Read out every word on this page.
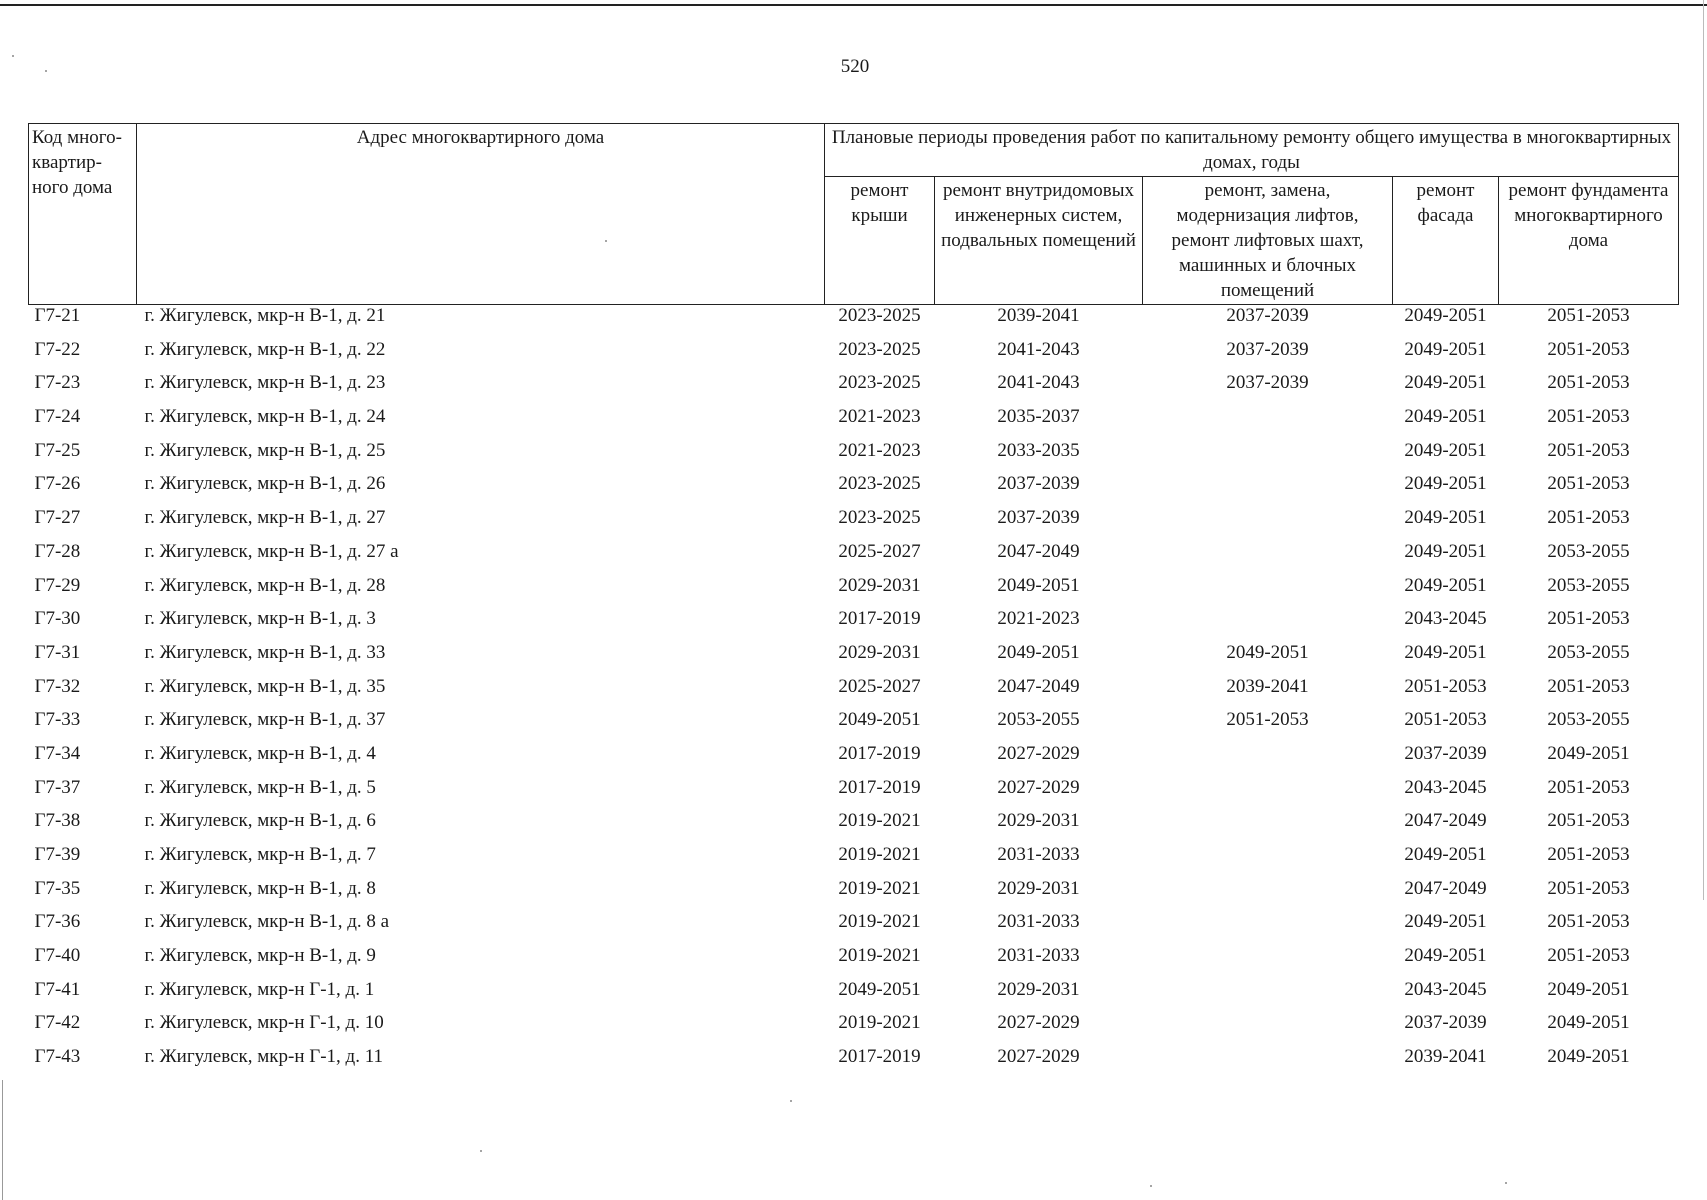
520
Код много-квартир-ного дома	Адрес многоквартирного дома	Плановые периоды проведения работ по капитальному ремонту общего имущества в многоквартирных домах, годы				
		ремонт крыши	ремонт внутридомовых инженерных систем, подвальных помещений	ремонт, замена, модернизация лифтов, ремонт лифтовых шахт, машинных и блочных помещений	ремонт фасада	ремонт фундамента многоквартирного дома
Г7-21	г. Жигулевск, мкр-н В-1, д. 21	2023-2025	2039-2041	2037-2039	2049-2051	2051-2053
Г7-22	г. Жигулевск, мкр-н В-1, д. 22	2023-2025	2041-2043	2037-2039	2049-2051	2051-2053
Г7-23	г. Жигулевск, мкр-н В-1, д. 23	2023-2025	2041-2043	2037-2039	2049-2051	2051-2053
Г7-24	г. Жигулевск, мкр-н В-1, д. 24	2021-2023	2035-2037		2049-2051	2051-2053
Г7-25	г. Жигулевск, мкр-н В-1, д. 25	2021-2023	2033-2035		2049-2051	2051-2053
Г7-26	г. Жигулевск, мкр-н В-1, д. 26	2023-2025	2037-2039		2049-2051	2051-2053
Г7-27	г. Жигулевск, мкр-н В-1, д. 27	2023-2025	2037-2039		2049-2051	2051-2053
Г7-28	г. Жигулевск, мкр-н В-1, д. 27 а	2025-2027	2047-2049		2049-2051	2053-2055
Г7-29	г. Жигулевск, мкр-н В-1, д. 28	2029-2031	2049-2051		2049-2051	2053-2055
Г7-30	г. Жигулевск, мкр-н В-1, д. 3	2017-2019	2021-2023		2043-2045	2051-2053
Г7-31	г. Жигулевск, мкр-н В-1, д. 33	2029-2031	2049-2051	2049-2051	2049-2051	2053-2055
Г7-32	г. Жигулевск, мкр-н В-1, д. 35	2025-2027	2047-2049	2039-2041	2051-2053	2051-2053
Г7-33	г. Жигулевск, мкр-н В-1, д. 37	2049-2051	2053-2055	2051-2053	2051-2053	2053-2055
Г7-34	г. Жигулевск, мкр-н В-1, д. 4	2017-2019	2027-2029		2037-2039	2049-2051
Г7-37	г. Жигулевск, мкр-н В-1, д. 5	2017-2019	2027-2029		2043-2045	2051-2053
Г7-38	г. Жигулевск, мкр-н В-1, д. 6	2019-2021	2029-2031		2047-2049	2051-2053
Г7-39	г. Жигулевск, мкр-н В-1, д. 7	2019-2021	2031-2033		2049-2051	2051-2053
Г7-35	г. Жигулевск, мкр-н В-1, д. 8	2019-2021	2029-2031		2047-2049	2051-2053
Г7-36	г. Жигулевск, мкр-н В-1, д. 8 а	2019-2021	2031-2033		2049-2051	2051-2053
Г7-40	г. Жигулевск, мкр-н В-1, д. 9	2019-2021	2031-2033		2049-2051	2051-2053
Г7-41	г. Жигулевск, мкр-н Г-1, д. 1	2049-2051	2029-2031		2043-2045	2049-2051
Г7-42	г. Жигулевск, мкр-н Г-1, д. 10	2019-2021	2027-2029		2037-2039	2049-2051
Г7-43	г. Жигулевск, мкр-н Г-1, д. 11	2017-2019	2027-2029		2039-2041	2049-2051
